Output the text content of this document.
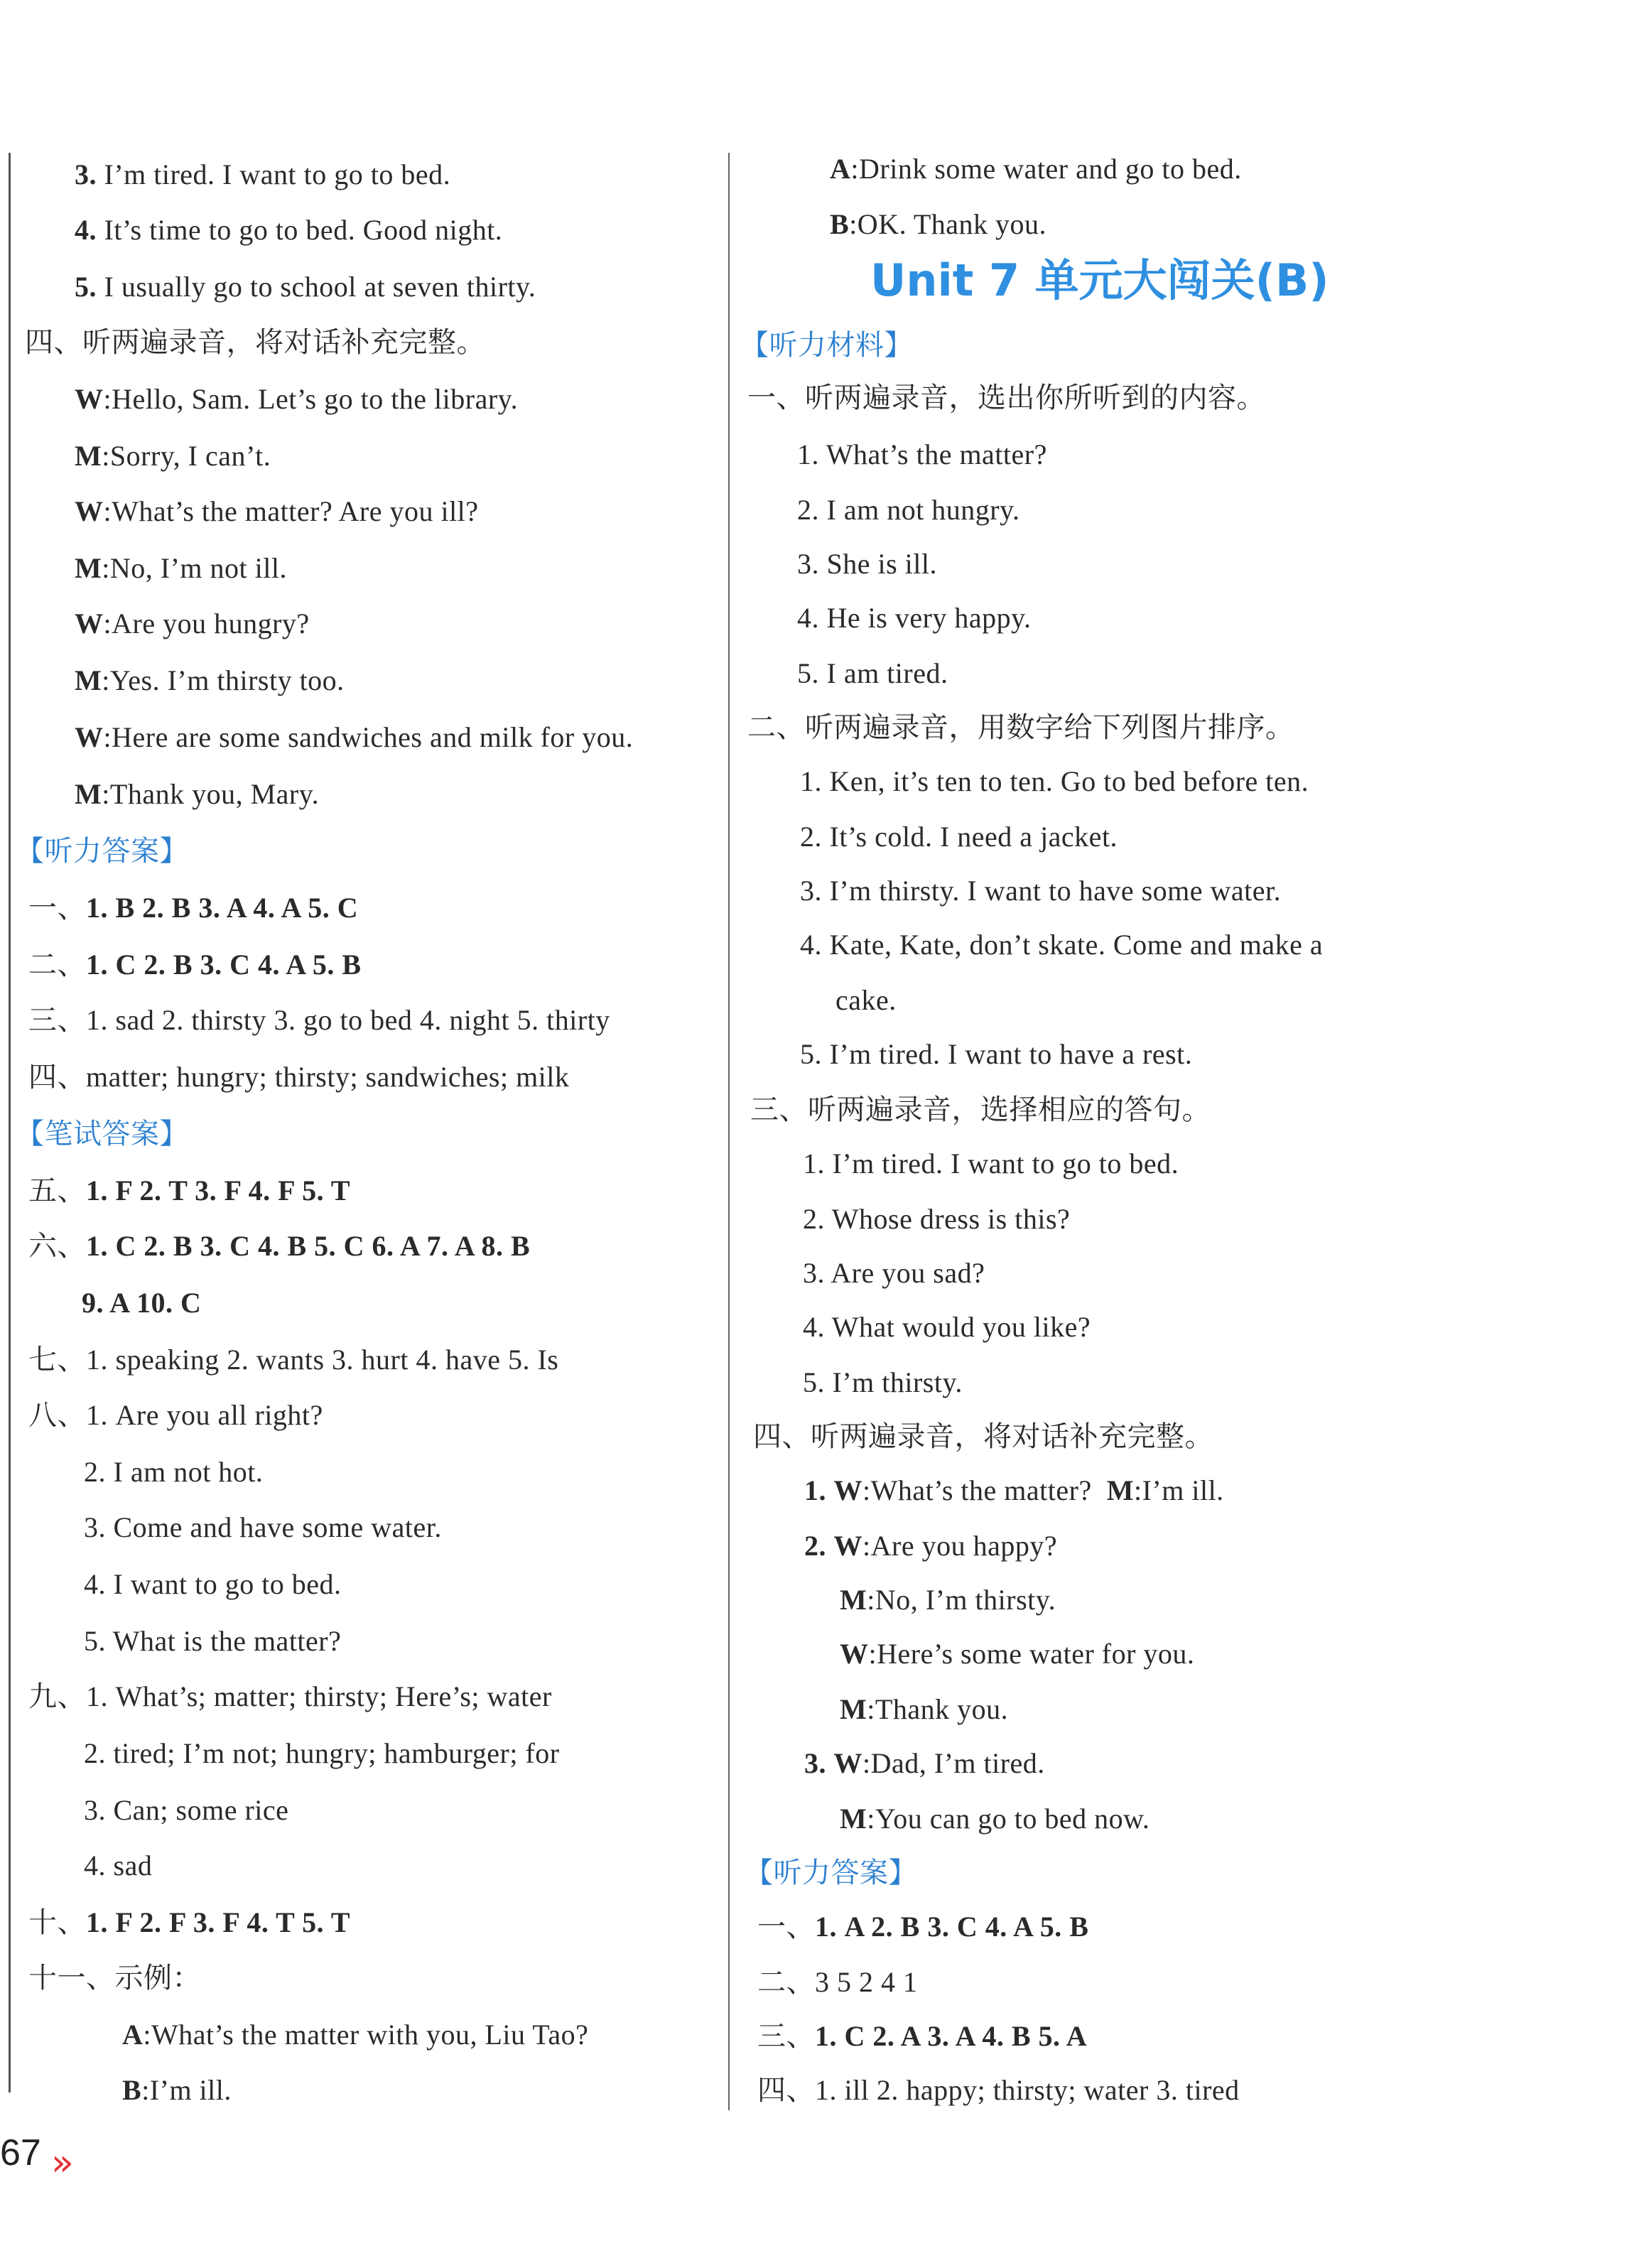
3. I’m tired. I want to go to bed.
4. It’s time to go to bed. Good night.
5. I usually go to school at seven thirty.
四、听两遍录音，将对话补充完整。
W:Hello, Sam. Let’s go to the library.
M:Sorry, I can’t.
W:What’s the matter? Are you ill?
M:No, I’m not ill.
W:Are you hungry?
M:Yes. I’m thirsty too.
W:Here are some sandwiches and milk for you.
M:Thank you, Mary.
【听力答案】
一、1. B 2. B 3. A 4. A 5. C
二、1. C 2. B 3. C 4. A 5. B
三、1. sad 2. thirsty 3. go to bed 4. night 5. thirty
四、matter; hungry; thirsty; sandwiches; milk
【笔试答案】
五、1. F 2. T 3. F 4. F 5. T
六、1. C 2. B 3. C 4. B 5. C 6. A 7. A 8. B
9. A 10. C
七、1. speaking 2. wants 3. hurt 4. have 5. Is
八、1. Are you all right?
2. I am not hot.
3. Come and have some water.
4. I want to go to bed.
5. What is the matter?
九、1. What’s; matter; thirsty; Here’s; water
2. tired; I’m not; hungry; hamburger; for
3. Can; some rice
4. sad
十、1. F 2. F 3. F 4. T 5. T
十一、示例：
A:What’s the matter with you, Liu Tao?
B:I’m ill.
A:Drink some water and go to bed.
B:OK. Thank you.
Unit 7 单元大闯关(B)
【听力材料】
一、听两遍录音，选出你所听到的内容。
1. What’s the matter?
2. I am not hungry.
3. She is ill.
4. He is very happy.
5. I am tired.
二、听两遍录音，用数字给下列图片排序。
1. Ken, it’s ten to ten. Go to bed before ten.
2. It’s cold. I need a jacket.
3. I’m thirsty. I want to have some water.
4. Kate, Kate, don’t skate. Come and make a
cake.
5. I’m tired. I want to have a rest.
三、听两遍录音，选择相应的答句。
1. I’m tired. I want to go to bed.
2. Whose dress is this?
3. Are you sad?
4. What would you like?
5. I’m thirsty.
四、听两遍录音，将对话补充完整。
1. W:What’s the matter? M:I’m ill.
2. W:Are you happy?
M:No, I’m thirsty.
W:Here’s some water for you.
M:Thank you.
3. W:Dad, I’m tired.
M:You can go to bed now.
【听力答案】
一、1. A 2. B 3. C 4. A 5. B
二、3 5 2 4 1
三、1. C 2. A 3. A 4. B 5. A
四、1. ill 2. happy; thirsty; water 3. tired
67 »
